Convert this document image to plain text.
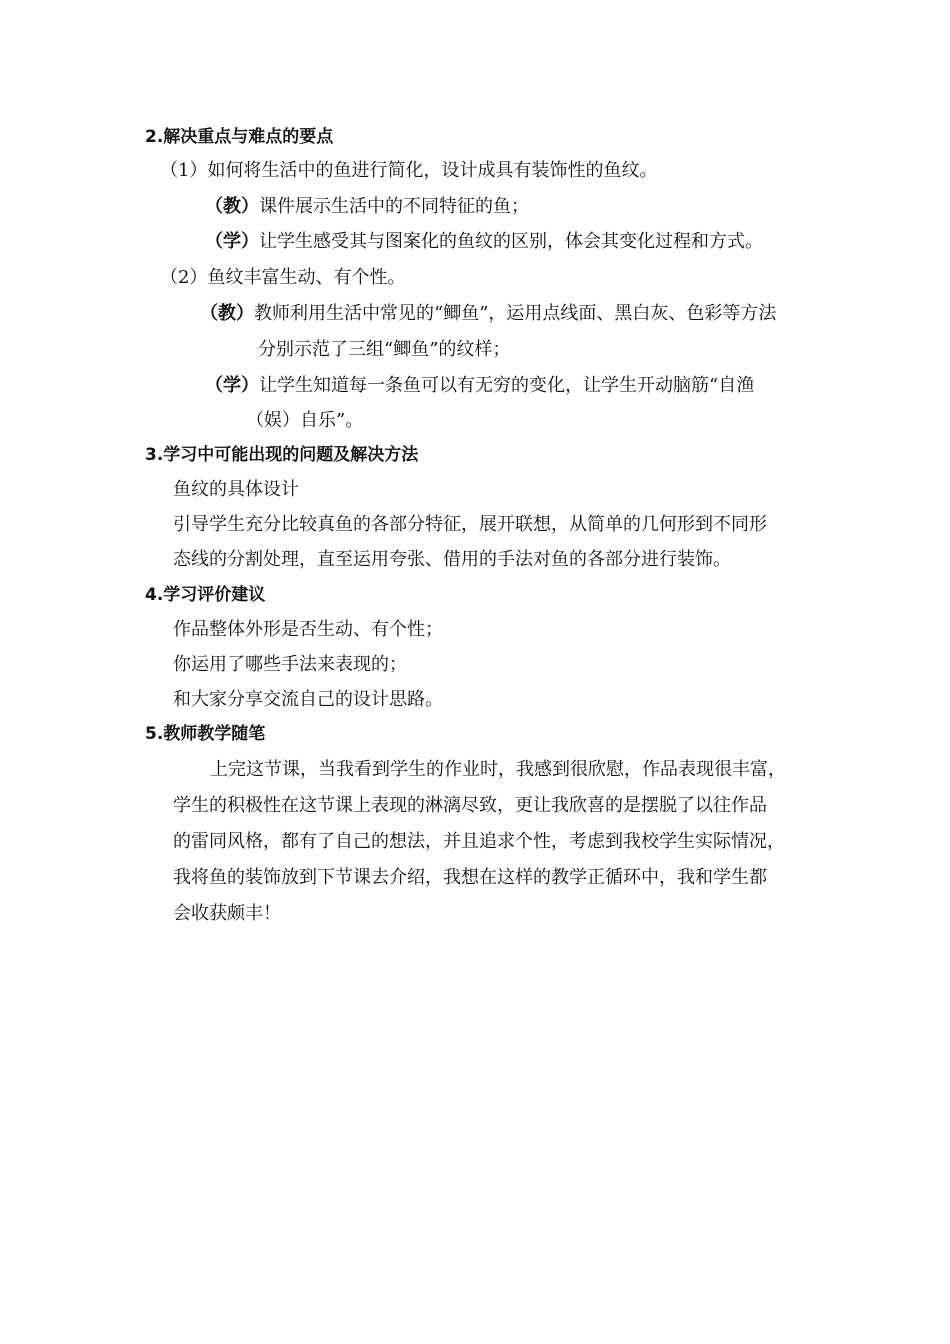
2.解决重点与难点的要点
（1）如何将生活中的鱼进行简化，设计成具有装饰性的鱼纹。
（教）课件展示生活中的不同特征的鱼；
（学）让学生感受其与图案化的鱼纹的区别，体会其变化过程和方式。
（2）鱼纹丰富生动、有个性。
（教）教师利用生活中常见的“鲫鱼”，运用点线面、黑白灰、色彩等方法
分别示范了三组“鲫鱼”的纹样；
（学）让学生知道每一条鱼可以有无穷的变化，让学生开动脑筋“自渔
（娱）自乐”。
3.学习中可能出现的问题及解决方法
鱼纹的具体设计
引导学生充分比较真鱼的各部分特征，展开联想，从简单的几何形到不同形
态线的分割处理，直至运用夸张、借用的手法对鱼的各部分进行装饰。
4.学习评价建议
作品整体外形是否生动、有个性；
你运用了哪些手法来表现的；
和大家分享交流自己的设计思路。
5.教师教学随笔
上完这节课，当我看到学生的作业时，我感到很欣慰，作品表现很丰富，
学生的积极性在这节课上表现的淋漓尽致，更让我欣喜的是摆脱了以往作品
的雷同风格，都有了自己的想法，并且追求个性，考虑到我校学生实际情况，
我将鱼的装饰放到下节课去介绍，我想在这样的教学正循环中，我和学生都
会收获颇丰！
